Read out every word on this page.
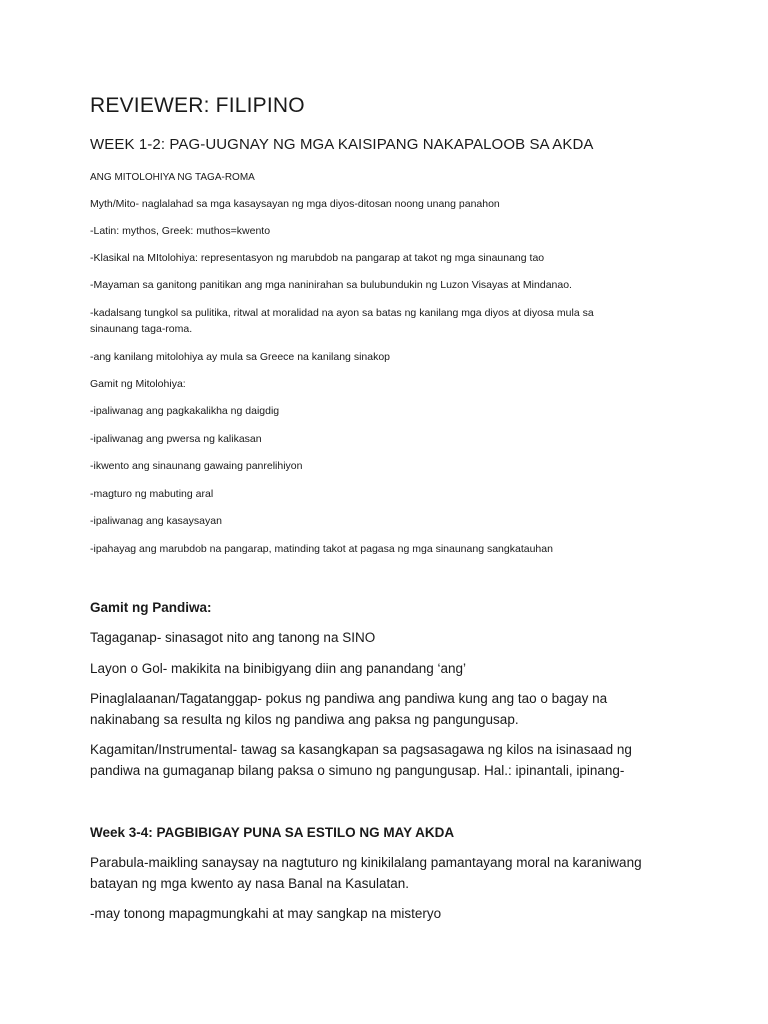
REVIEWER: FILIPINO
WEEK 1-2: PAG-UUGNAY NG MGA KAISIPANG NAKAPALOOB SA AKDA

ANG MITOLOHIYA NG TAGA-ROMA

Myth/Mito- naglalahad sa mga kasaysayan ng mga diyos-ditosan noong unang panahon

-Latin: mythos, Greek: muthos=kwento

-Klasikal na MItolohiya: representasyon ng marubdob na pangarap at takot ng mga sinaunang tao

-Mayaman sa ganitong panitikan ang mga naninirahan sa bulubundukin ng Luzon Visayas at Mindanao.

-kadalsang tungkol sa pulitika, ritwal at moralidad na ayon sa batas ng kanilang mga diyos at diyosa mula sa sinaunang taga-roma.

-ang kanilang mitolohiya ay mula sa Greece na kanilang sinakop

Gamit ng Mitolohiya:

-ipaliwanag ang pagkakalikha ng daigdig

-ipaliwanag ang pwersa ng kalikasan

-ikwento ang sinaunang gawaing panrelihiyon

-magturo ng mabuting aral

-ipaliwanag ang kasaysayan

-ipahayag ang marubdob na pangarap, matinding takot at pagasa ng mga sinaunang sangkatauhan

Gamit ng Pandiwa:

Tagaganap- sinasagot nito ang tanong na SINO

Layon o Gol- makikita na binibigyang diin ang panandang ‘ang’

Pinaglalaanan/Tagatanggap- pokus ng pandiwa ang pandiwa kung ang tao o bagay na nakinabang sa resulta ng kilos ng pandiwa ang paksa ng pangungusap.

Kagamitan/Instrumental- tawag sa kasangkapan sa pagsasagawa ng kilos na isinasaad ng pandiwa na gumaganap bilang paksa o simuno ng pangungusap. Hal.: ipinantali, ipinang-

Week 3-4: PAGBIBIGAY PUNA SA ESTILO NG MAY AKDA

Parabula-maikling sanaysay na nagtuturo ng kinikilalang pamantayang moral na karaniwang batayan ng mga kwento ay nasa Banal na Kasulatan.

-may tonong mapagmungkahi at may sangkap na misteryo
